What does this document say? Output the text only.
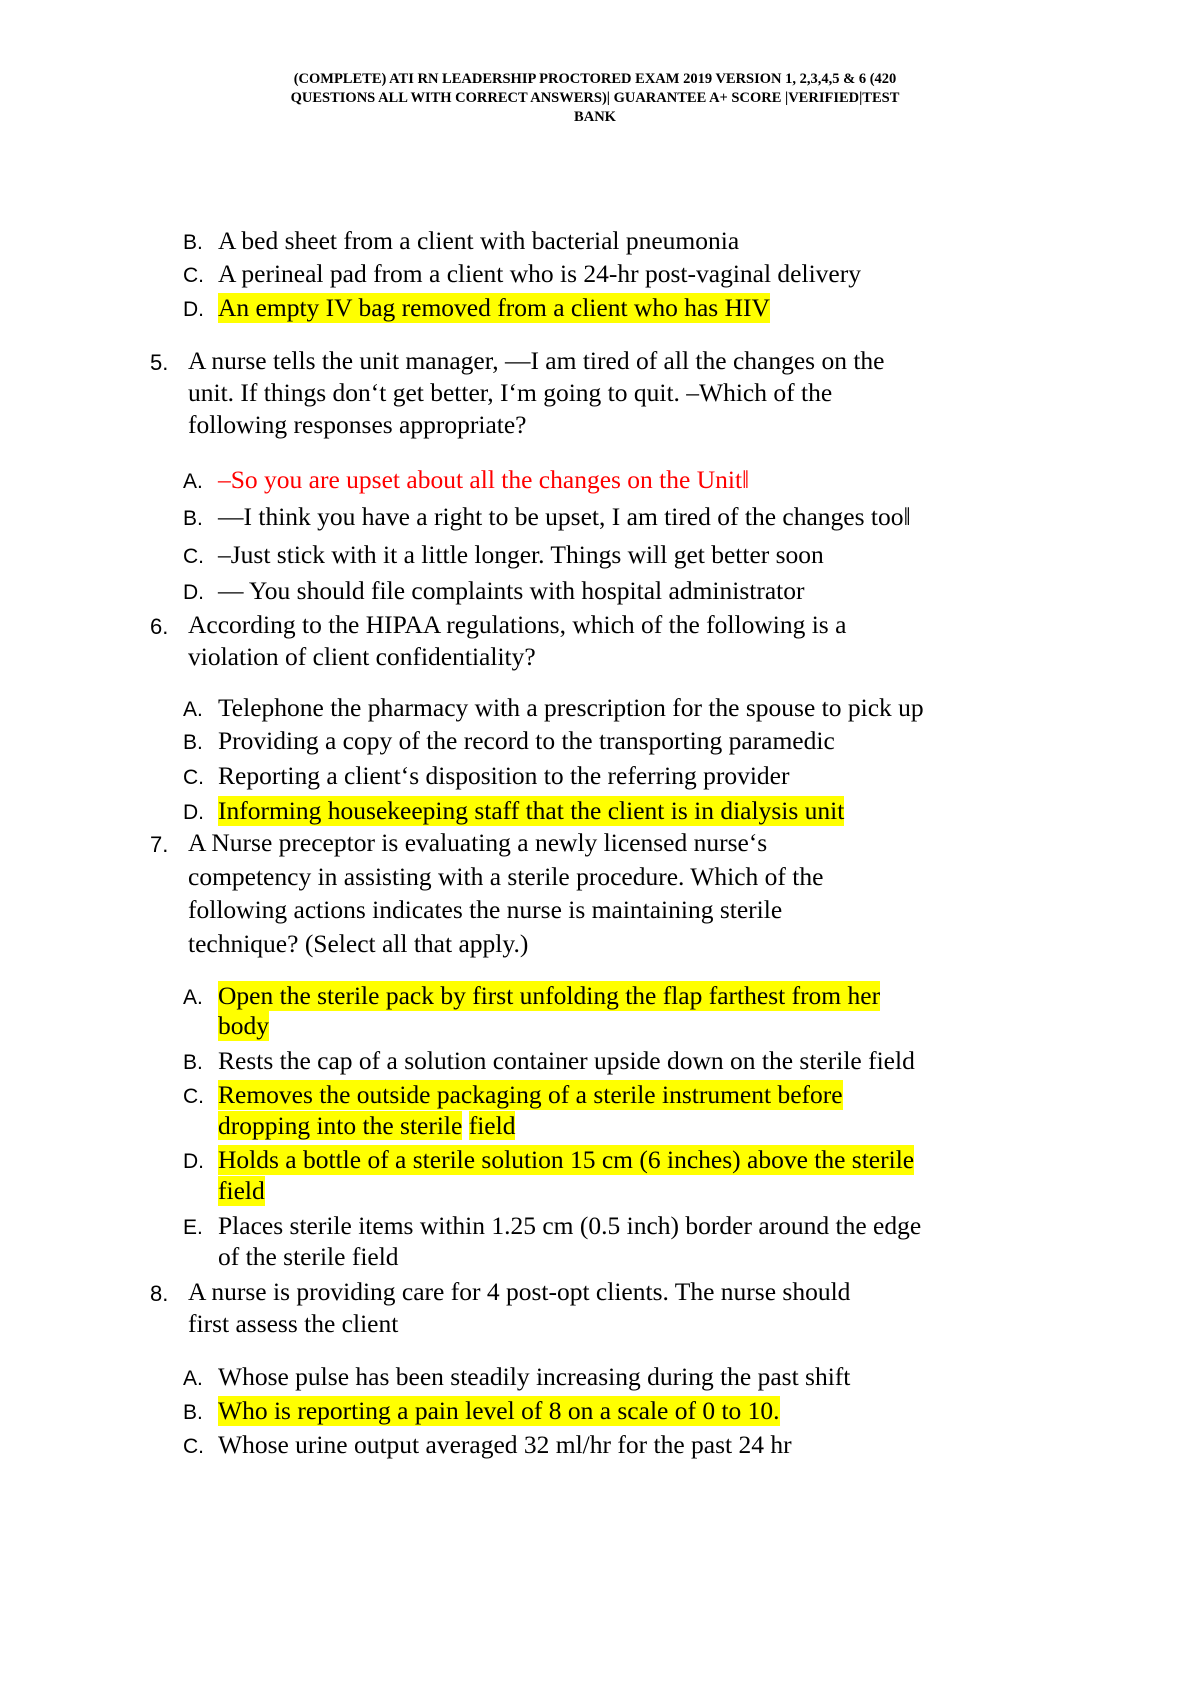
(COMPLETE) ATI RN LEADERSHIP PROCTORED EXAM 2019 VERSION 1, 2,3,4,5 & 6 (420
QUESTIONS ALL WITH CORRECT ANSWERS)| GUARANTEE A+ SCORE |VERIFIED|TEST
BANK
B. A bed sheet from a client with bacterial pneumonia
C. A perineal pad from a client who is 24-hr post-vaginal delivery
D. An empty IV bag removed from a client who has HIV
5. A nurse tells the unit manager, —I am tired of all the changes on the
unit. If things don‘t get better, I‘m going to quit. –Which of the
following responses appropriate?
A. –So you are upset about all the changes on the Unit‖
B. —I think you have a right to be upset, I am tired of the changes too‖
C. –Just stick with it a little longer. Things will get better soon
D. — You should file complaints with hospital administrator
6. According to the HIPAA regulations, which of the following is a
violation of client confidentiality?
A. Telephone the pharmacy with a prescription for the spouse to pick up
B. Providing a copy of the record to the transporting paramedic
C. Reporting a client‘s disposition to the referring provider
D. Informing housekeeping staff that the client is in dialysis unit
7. A Nurse preceptor is evaluating a newly licensed nurse‘s
competency in assisting with a sterile procedure. Which of the
following actions indicates the nurse is maintaining sterile
technique? (Select all that apply.)
A. Open the sterile pack by first unfolding the flap farthest from her
body
B. Rests the cap of a solution container upside down on the sterile field
C. Removes the outside packaging of a sterile instrument before
dropping into the sterile field
D. Holds a bottle of a sterile solution 15 cm (6 inches) above the sterile
field
E. Places sterile items within 1.25 cm (0.5 inch) border around the edge
of the sterile field
8. A nurse is providing care for 4 post-opt clients. The nurse should
first assess the client
A. Whose pulse has been steadily increasing during the past shift
B. Who is reporting a pain level of 8 on a scale of 0 to 10.
C. Whose urine output averaged 32 ml/hr for the past 24 hr
